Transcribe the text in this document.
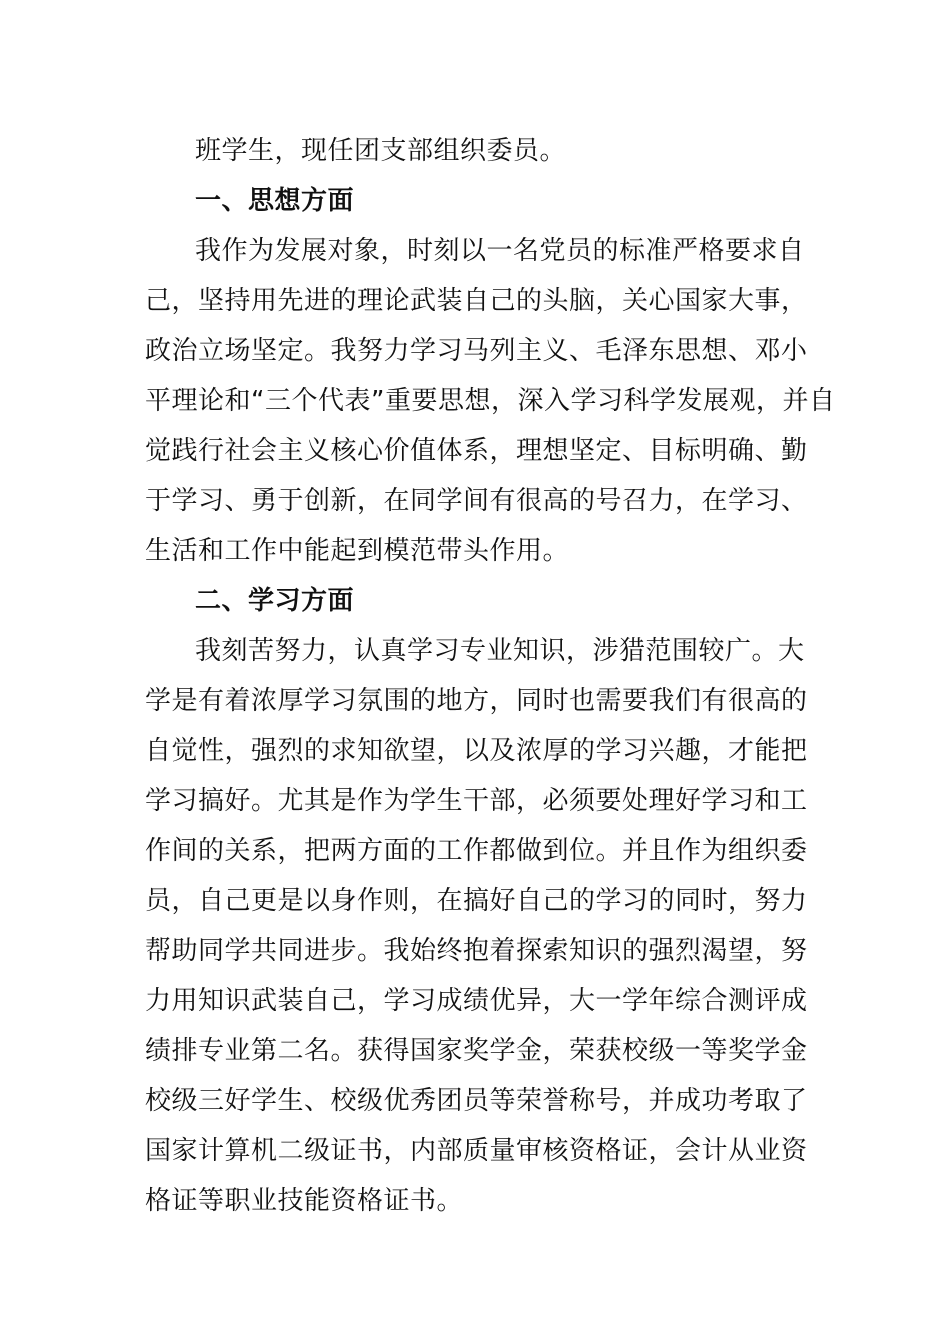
班学生，现任团支部组织委员。
一、思想方面
我作为发展对象，时刻以一名党员的标准严格要求自
己，坚持用先进的理论武装自己的头脑，关心国家大事，
政治立场坚定。我努力学习马列主义、毛泽东思想、邓小
平理论和“三个代表”重要思想，深入学习科学发展观，并自
觉践行社会主义核心价值体系，理想坚定、目标明确、勤
于学习、勇于创新，在同学间有很高的号召力，在学习、
生活和工作中能起到模范带头作用。
二、学习方面
我刻苦努力，认真学习专业知识，涉猎范围较广。大
学是有着浓厚学习氛围的地方，同时也需要我们有很高的
自觉性，强烈的求知欲望，以及浓厚的学习兴趣，才能把
学习搞好。尤其是作为学生干部，必须要处理好学习和工
作间的关系，把两方面的工作都做到位。并且作为组织委
员，自己更是以身作则，在搞好自己的学习的同时，努力
帮助同学共同进步。我始终抱着探索知识的强烈渴望，努
力用知识武装自己，学习成绩优异，大一学年综合测评成
绩排专业第二名。获得国家奖学金，荣获校级一等奖学金
校级三好学生、校级优秀团员等荣誉称号，并成功考取了
国家计算机二级证书，内部质量审核资格证，会计从业资
格证等职业技能资格证书。
